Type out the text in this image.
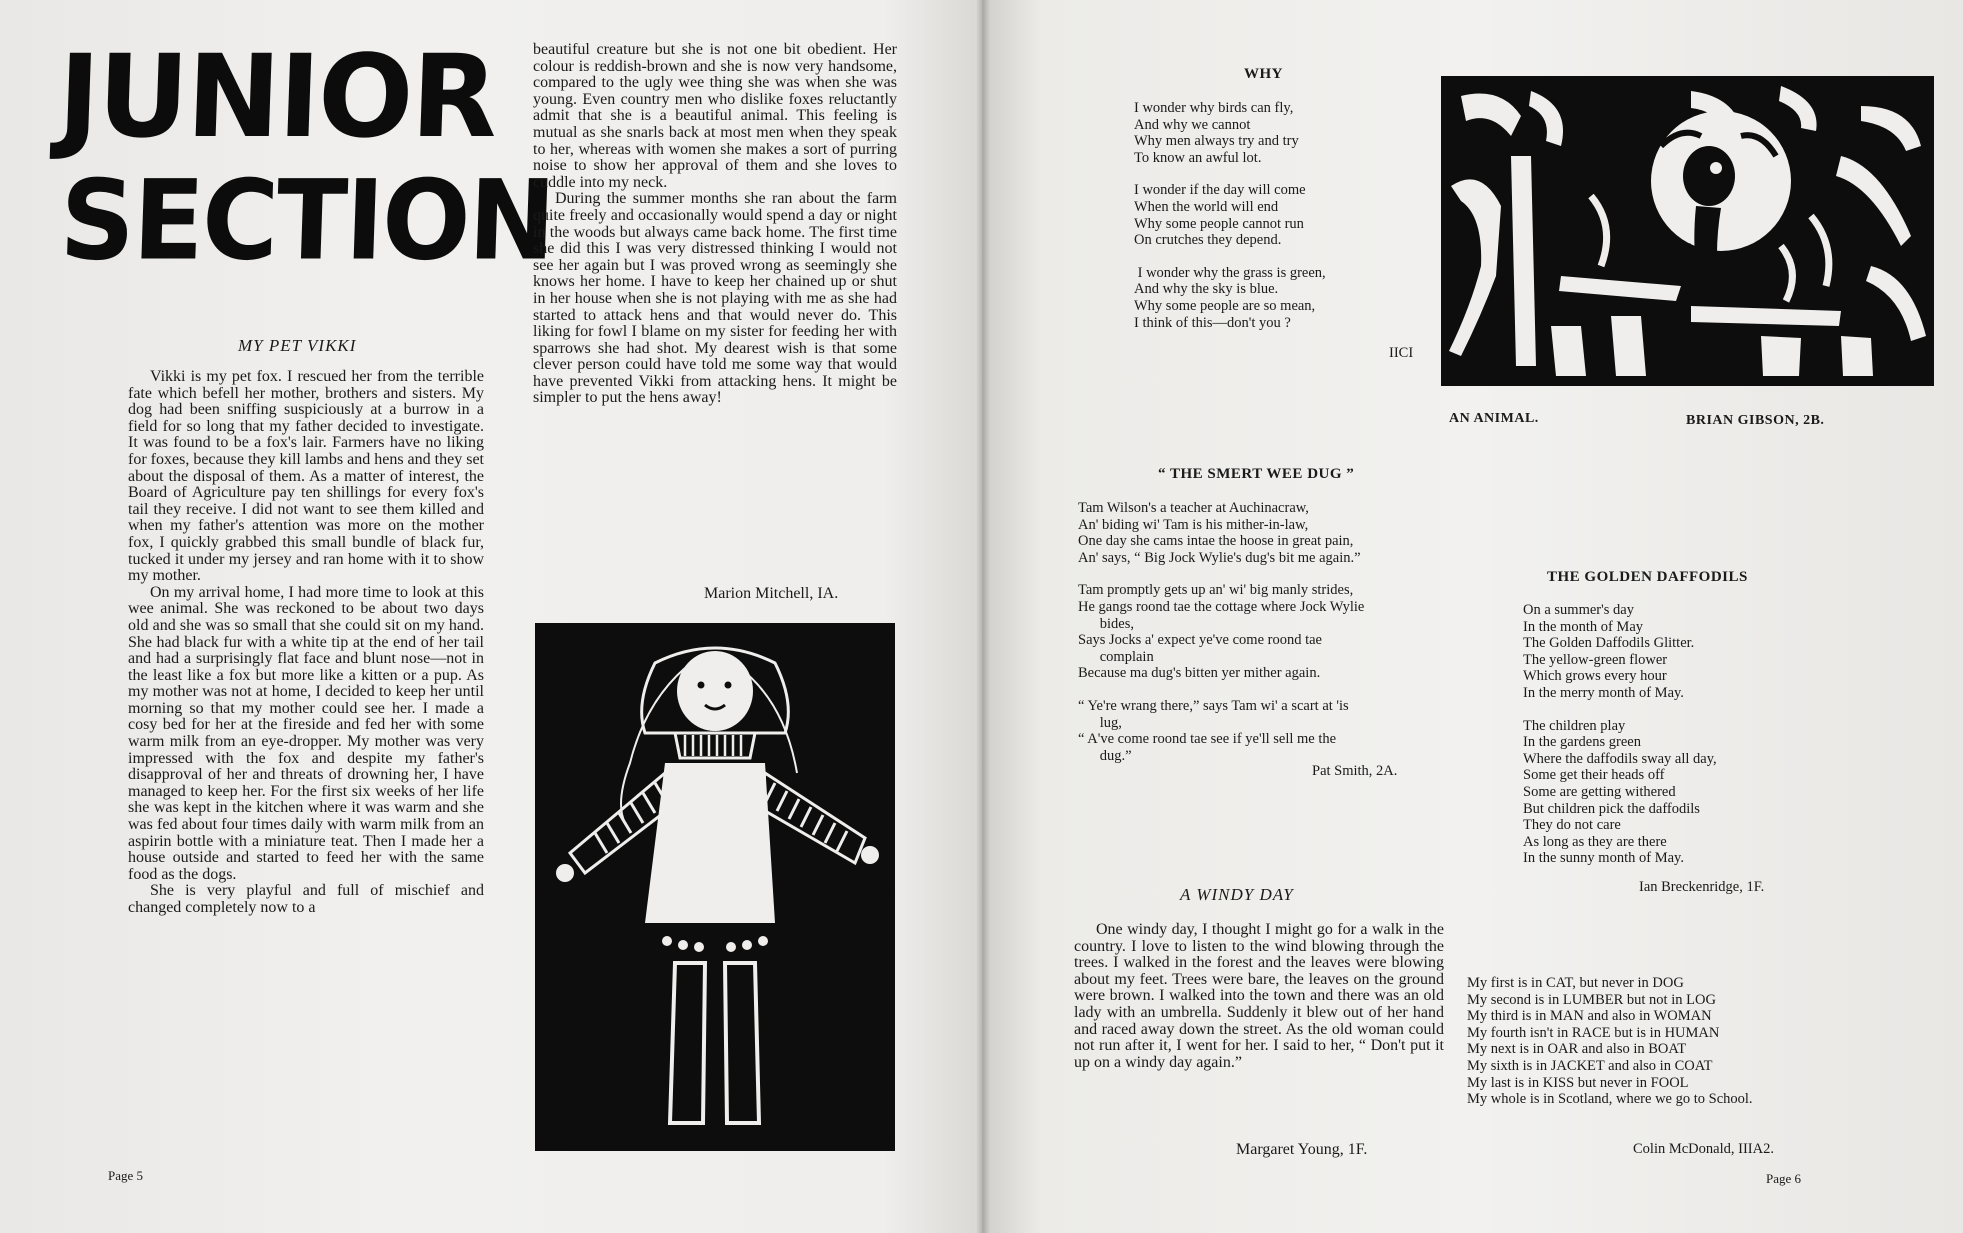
JUNIOR
SECTION
MY PET VIKKI

Vikki is my pet fox. I rescued her from the terrible fate which befell her mother, brothers and sisters. My dog had been sniffing suspiciously at a burrow in a field for so long that my father decided to investigate. It was found to be a fox's lair. Farmers have no liking for foxes, because they kill lambs and hens and they set about the disposal of them. As a matter of interest, the Board of Agriculture pay ten shillings for every fox's tail they receive. I did not want to see them killed and when my father's attention was more on the mother fox, I quickly grabbed this small bundle of black fur, tucked it under my jersey and ran home with it to show my mother.

On my arrival home, I had more time to look at this wee animal. She was reckoned to be about two days old and she was so small that she could sit on my hand. She had black fur with a white tip at the end of her tail and had a surprisingly flat face and blunt nose—not in the least like a fox but more like a kitten or a pup. As my mother was not at home, I decided to keep her until morning so that my mother could see her. I made a cosy bed for her at the fireside and fed her with some warm milk from an eye-dropper. My mother was very impressed with the fox and despite my father's disapproval of her and threats of drowning her, I have managed to keep her. For the first six weeks of her life she was kept in the kitchen where it was warm and she was fed about four times daily with warm milk from an aspirin bottle with a miniature teat. Then I made her a house outside and started to feed her with the same food as the dogs.

She is very playful and full of mischief and changed completely now to a

beautiful creature but she is not one bit obedient. Her colour is reddish-brown and she is now very handsome, compared to the ugly wee thing she was when she was young. Even country men who dislike foxes reluctantly admit that she is a beautiful animal. This feeling is mutual as she snarls back at most men when they speak to her, whereas with women she makes a sort of purring noise to show her approval of them and she loves to cuddle into my neck.

During the summer months she ran about the farm quite freely and occasionally would spend a day or night in the woods but always came back home. The first time she did this I was very distressed thinking I would not see her again but I was proved wrong as seemingly she knows her home. I have to keep her chained up or shut in her house when she is not playing with me as she had started to attack hens and that would never do. This liking for fowl I blame on my sister for feeding her with sparrows she had shot. My dearest wish is that some clever person could have told me some way that would have prevented Vikki from attacking hens. It might be simpler to put the hens away!

Marion Mitchell, IA.
Page 5
WHY
I wonder why birds can fly,
And why we cannot
Why men always try and try
To know an awful lot.
I wonder if the day will come
When the world will end
Why some people cannot run
On crutches they depend.
I wonder why the grass is green,
And why the sky is blue.
Why some people are so mean,
I think of this—don't you ?
IICI
AN ANIMAL.	BRIAN GIBSON, 2B.
“ THE SMERT WEE DUG ”
Tam Wilson's a teacher at Auchinacraw,
An' biding wi' Tam is his mither-in-law,
One day she cams intae the hoose in great pain,
An' says, “ Big Jock Wylie's dug's bit me again.”
Tam promptly gets up an' wi' big manly strides,
He gangs roond tae the cottage where Jock Wylie
bides,
Says Jocks a' expect ye've come roond tae
complain
Because ma dug's bitten yer mither again.
“ Ye're wrang there,” says Tam wi' a scart at 'is
lug,
“ A've come roond tae see if ye'll sell me the
dug.”
Pat Smith, 2A.
THE GOLDEN DAFFODILS
On a summer's day
In the month of May
The Golden Daffodils Glitter.
The yellow-green flower
Which grows every hour
In the merry month of May.
The children play
In the gardens green
Where the daffodils sway all day,
Some get their heads off
Some are getting withered
But children pick the daffodils
They do not care
As long as they are there
In the sunny month of May.
Ian Breckenridge, 1F.
A WINDY DAY

One windy day, I thought I might go for a walk in the country. I love to listen to the wind blowing through the trees. I walked in the forest and the leaves were blowing about my feet. Trees were bare, the leaves on the ground were brown. I walked into the town and there was an old lady with an umbrella. Suddenly it blew out of her hand and raced away down the street. As the old woman could not run after it, I went for her. I said to her, “ Don't put it up on a windy day again.”

Margaret Young, 1F.
My first is in CAT, but never in DOG
My second is in LUMBER but not in LOG
My third is in MAN and also in WOMAN
My fourth isn't in RACE but is in HUMAN
My next is in OAR and also in BOAT
My sixth is in JACKET and also in COAT
My last is in KISS but never in FOOL
My whole is in Scotland, where we go to School.
Colin McDonald, IIIA2.
Page 6
